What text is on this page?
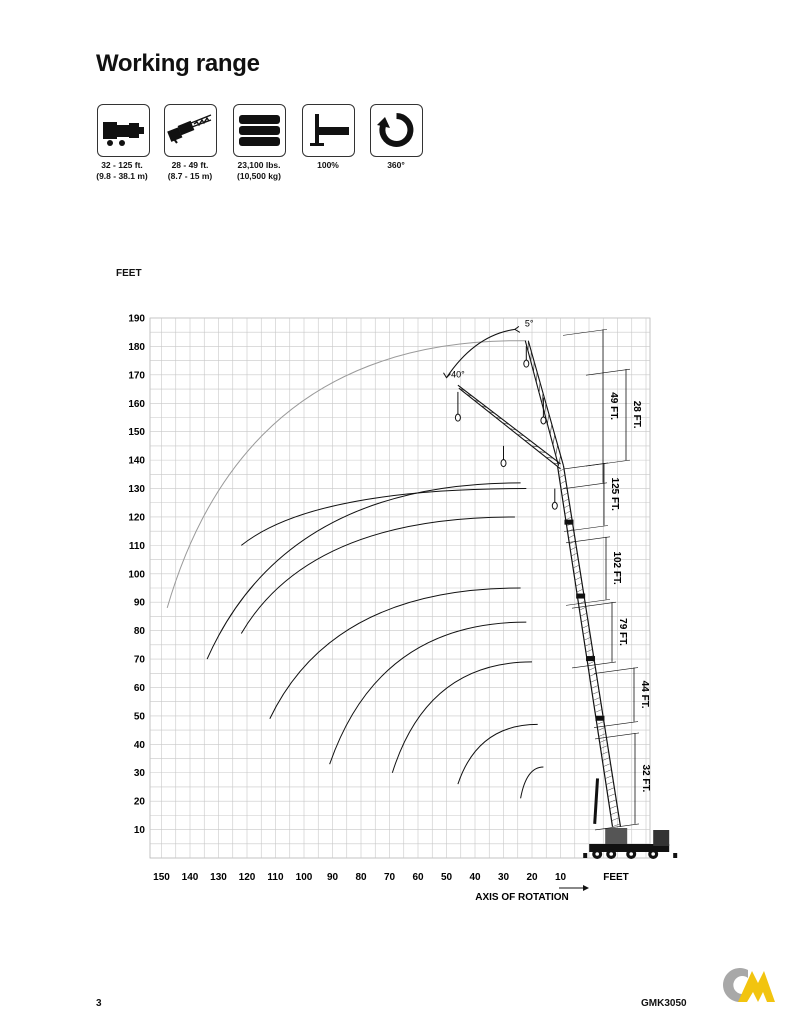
Working range
32 - 125 ft.
(9.8 - 38.1 m)
28 - 49 ft.
(8.7 - 15 m)
23,100 lbs.
(10,500 kg)
100%	360°
FEET
5°
40°
49 FT. 28 FT.
125 FT.
102 FT.
79 FT.
44 FT.
32 FT.
10
20
30
40
50
60
70
80
90
100
110
120
130
140
150
160
170
180
190
150 140 130 120 110 100 90 80 70 60 50 40 30 20 10	FEET
AXIS OF ROTATION
3	GMK3050
